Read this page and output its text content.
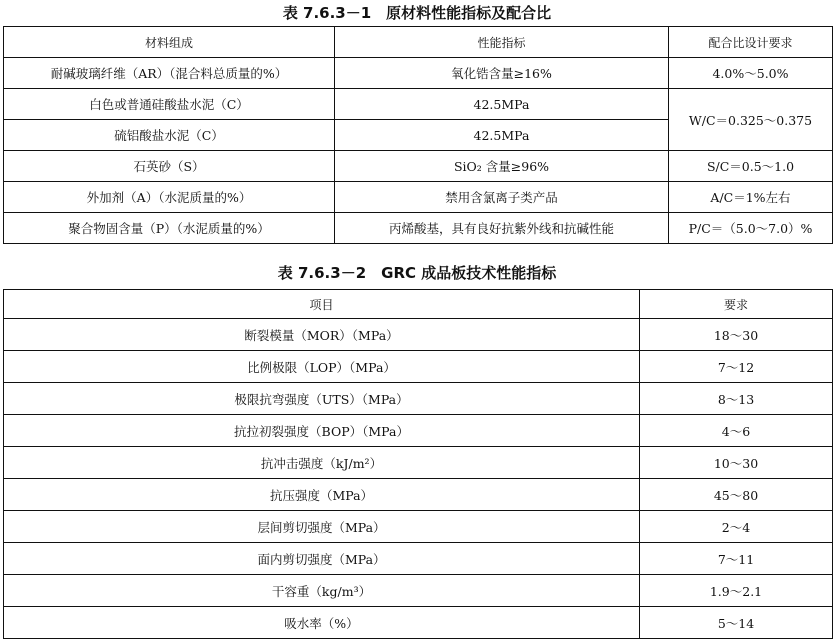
表 7.6.3－1　原材料性能指标及配合比
材料组成	性能指标	配合比设计要求
耐碱玻璃纤维（AR）（混合料总质量的%）	氧化锆含量≥16%	4.0%～5.0%
白色或普通硅酸盐水泥（C）	42.5MPa	W/C＝0.325～0.375
硫铝酸盐水泥（C）	42.5MPa	
石英砂（S）	SiO₂ 含量≥96%	S/C＝0.5～1.0
外加剂（A）（水泥质量的%）	禁用含氯离子类产品	A/C＝1%左右
聚合物固含量（P）（水泥质量的%）	丙烯酸基，具有良好抗紫外线和抗碱性能	P/C＝（5.0～7.0）%
表 7.6.3－2　GRC 成品板技术性能指标
项目	要求
断裂模量（MOR）（MPa）	18～30
比例极限（LOP）（MPa）	7～12
极限抗弯强度（UTS）（MPa）	8～13
抗拉初裂强度（BOP）（MPa）	4～6
抗冲击强度（kJ/m²）	10～30
抗压强度（MPa）	45～80
层间剪切强度（MPa）	2～4
面内剪切强度（MPa）	7～11
干容重（kg/m³）	1.9～2.1
吸水率（%）	5～14
